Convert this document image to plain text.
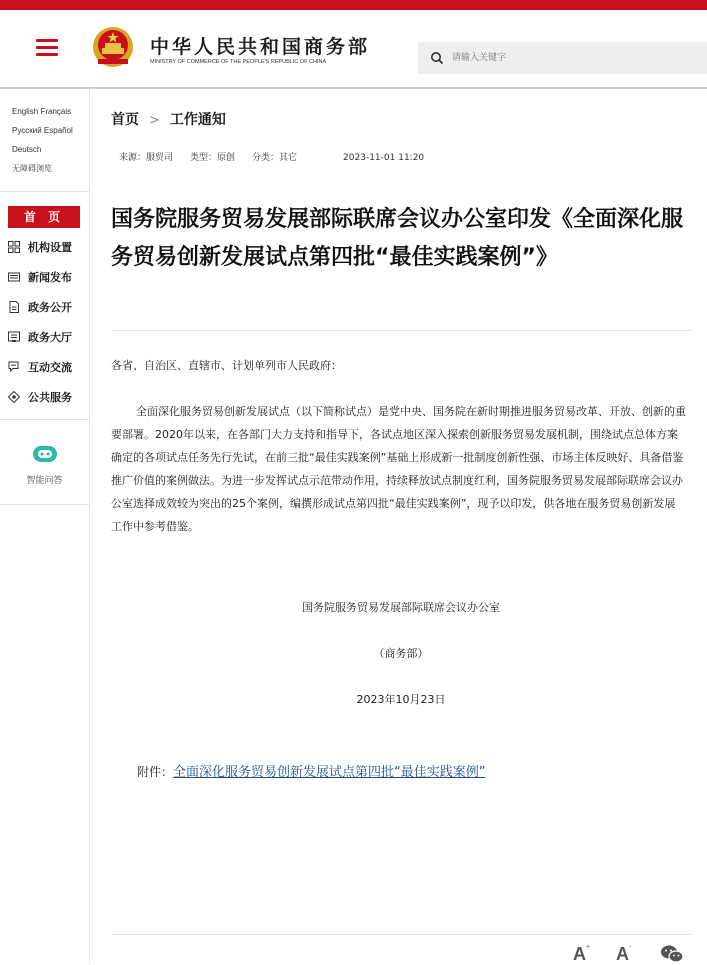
中华人民共和国商务部
MINISTRY OF COMMERCE OF THE PEOPLE'S REPUBLIC OF CHINA
请输入关键字
English Français
Русский Español
Deutsch
无障碍浏览
首 页
机构设置
新闻发布
政务公开
政务大厅
互动交流
公共服务
智能问答
首页 > 工作通知
来源：服贸司 类型：原创 分类：其它	2023-11-01 11:20
国务院服务贸易发展部际联席会议办公室印发《全面深化服务贸易创新发展试点第四批“最佳实践案例”》
各省、自治区、直辖市、计划单列市人民政府：

全面深化服务贸易创新发展试点（以下简称试点）是党中央、国务院在新时期推进服务贸易改革、开放、创新的重要部署。2020年以来，在各部门大力支持和指导下，各试点地区深入探索创新服务贸易发展机制，围绕试点总体方案确定的各项试点任务先行先试，在前三批“最佳实践案例”基础上形成新一批制度创新性强、市场主体反映好、具备借鉴推广价值的案例做法。为进一步发挥试点示范带动作用，持续释放试点制度红利，国务院服务贸易发展部际联席会议办公室选择成效较为突出的25个案例，编撰形成试点第四批“最佳实践案例”，现予以印发，供各地在服务贸易创新发展工作中参考借鉴。

国务院服务贸易发展部际联席会议办公室
（商务部）
2023年10月23日
附件：全面深化服务贸易创新发展试点第四批“最佳实践案例”
A+ A-
